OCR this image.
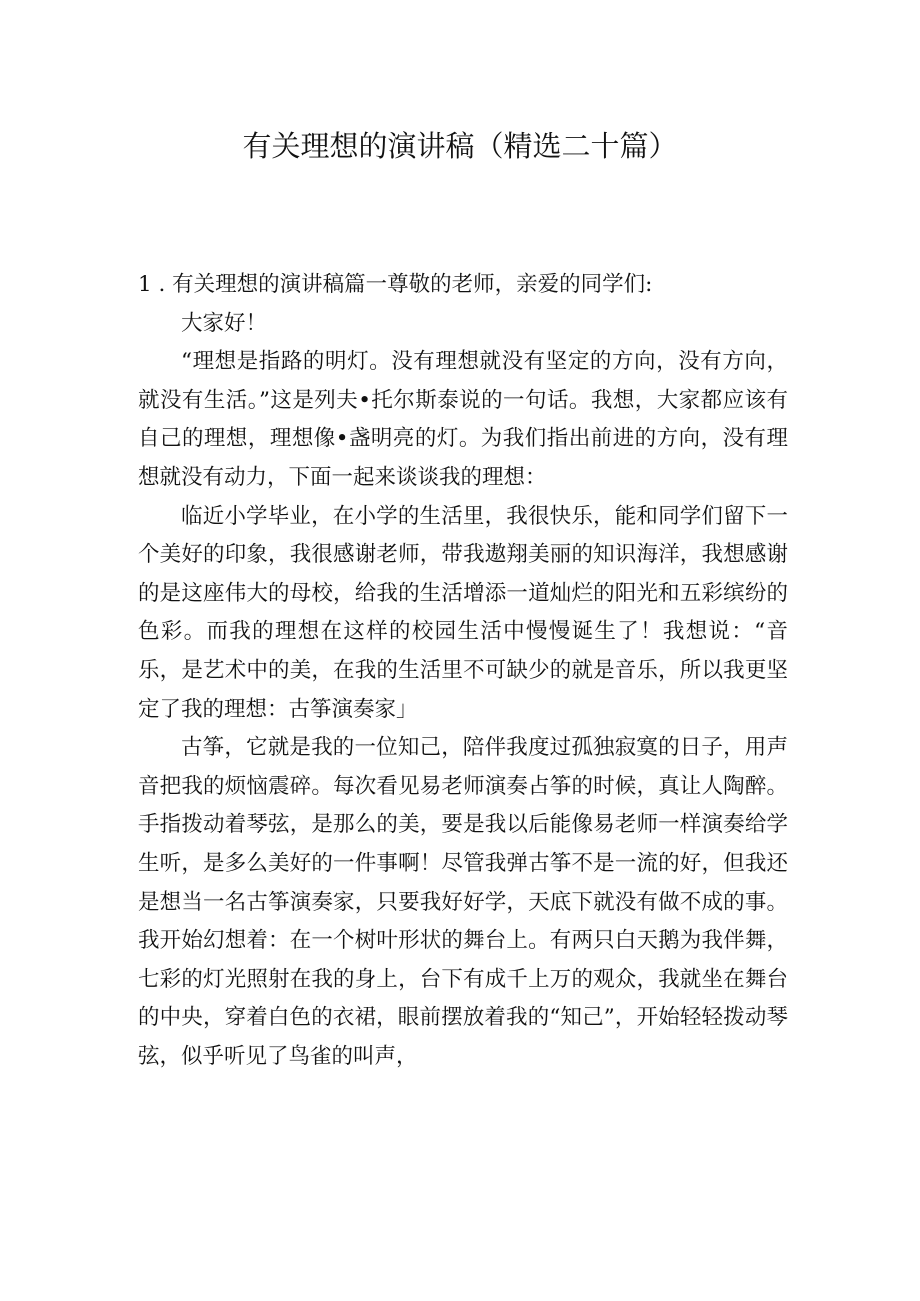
有关理想的演讲稿（精选二十篇）

1 . 有关理想的演讲稿篇一尊敬的老师，亲爱的同学们:

大家好！

“理想是指路的明灯。没有理想就没有坚定的方向，没有方向，就没有生活。”这是列夫•托尔斯泰说的一句话。我想，大家都应该有自己的理想，理想像•盏明亮的灯。为我们指出前进的方向，没有理想就没有动力，下面一起来谈谈我的理想：

临近小学毕业，在小学的生活里，我很快乐，能和同学们留下一个美好的印象，我很感谢老师，带我遨翔美丽的知识海洋，我想感谢的是这座伟大的母校，给我的生活增添一道灿烂的阳光和五彩缤纷的色彩。而我的理想在这样的校园生活中慢慢诞生了！我想说：“音乐，是艺术中的美，在我的生活里不可缺少的就是音乐，所以我更坚定了我的理想：古筝演奏家」

古筝，它就是我的一位知己，陪伴我度过孤独寂寞的日子，用声音把我的烦恼震碎。每次看见易老师演奏占筝的时候，真让人陶醉。手指拨动着琴弦，是那么的美，要是我以后能像易老师一样演奏给学生听，是多么美好的一件事啊！尽管我弹古筝不是一流的好，但我还是想当一名古筝演奏家，只要我好好学，天底下就没有做不成的事。我开始幻想着：在一个树叶形状的舞台上。有两只白天鹅为我伴舞，七彩的灯光照射在我的身上，台下有成千上万的观众，我就坐在舞台的中央，穿着白色的衣裙，眼前摆放着我的“知己”，开始轻轻拨动琴弦，似乎听见了鸟雀的叫声，
